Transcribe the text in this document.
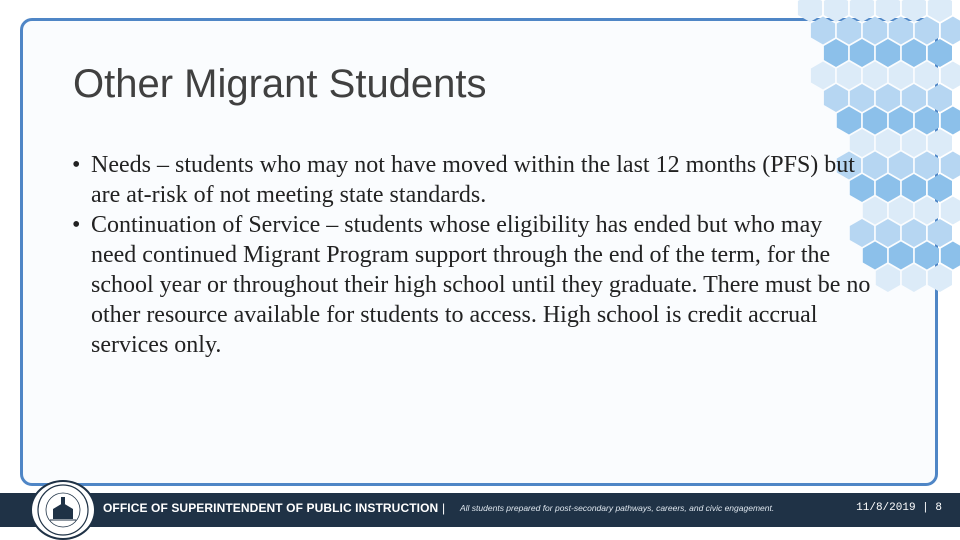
Other Migrant Students
• Needs – students who may not have moved within the last 12 months (PFS) but are at-risk of not meeting state standards.
• Continuation of Service – students whose eligibility has ended but who may need continued Migrant Program support through the end of the term, for the school year or throughout their high school until they graduate. There must be no other resource available for students to access. High school is credit accrual services only.
OFFICE OF SUPERINTENDENT OF PUBLIC INSTRUCTION | All students prepared for post-secondary pathways, careers, and civic engagement.	11/8/2019 | 8
